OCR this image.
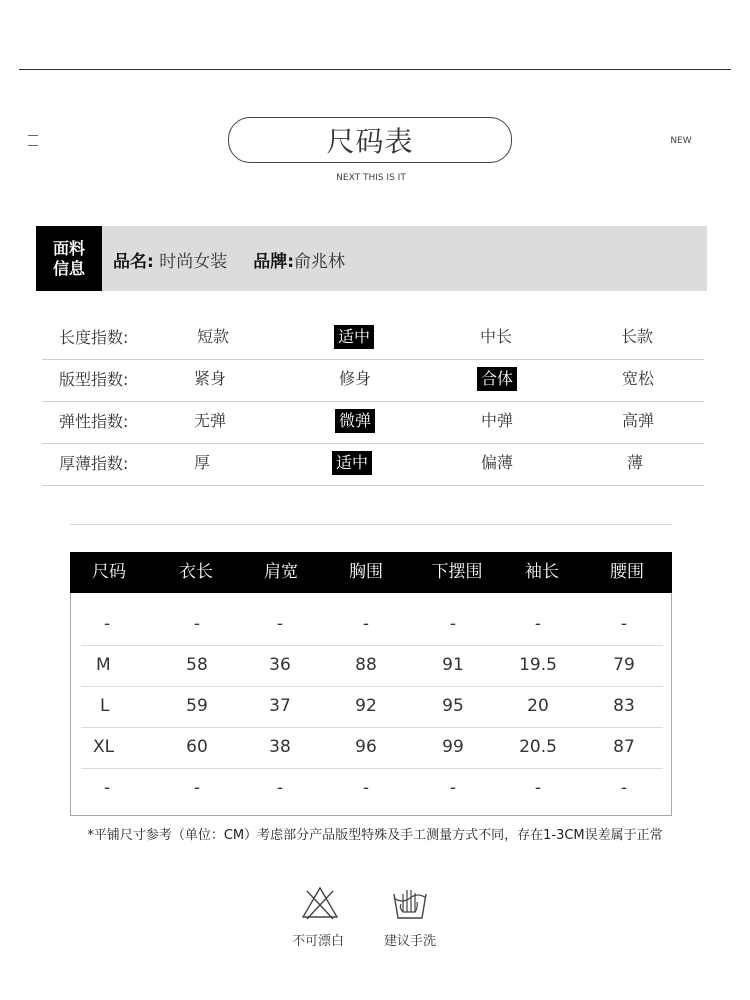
尺码表
NEXT THIS IS IT
NEW
面料
信息 品名: 时尚女装 品牌:俞兆林
长度指数:	短款	适中	中长	长款
版型指数:	紧身	修身	合体	宽松
弹性指数:	无弹	微弹	中弹	高弹
厚薄指数:	厚	适中	偏薄	薄
尺码	衣长	肩宽	胸围	下摆围	袖长	腰围
-	-	-	-	-	-	-
M	58	36	88	91	19.5	79
L	59	37	92	95	20	83
XL	60	38	96	99	20.5	87
-	-	-	-	-	-	-
*平铺尺寸参考（单位：CM）考虑部分产品版型特殊及手工测量方式不同，存在1-3CM误差属于正常
不可漂白	建议手洗
